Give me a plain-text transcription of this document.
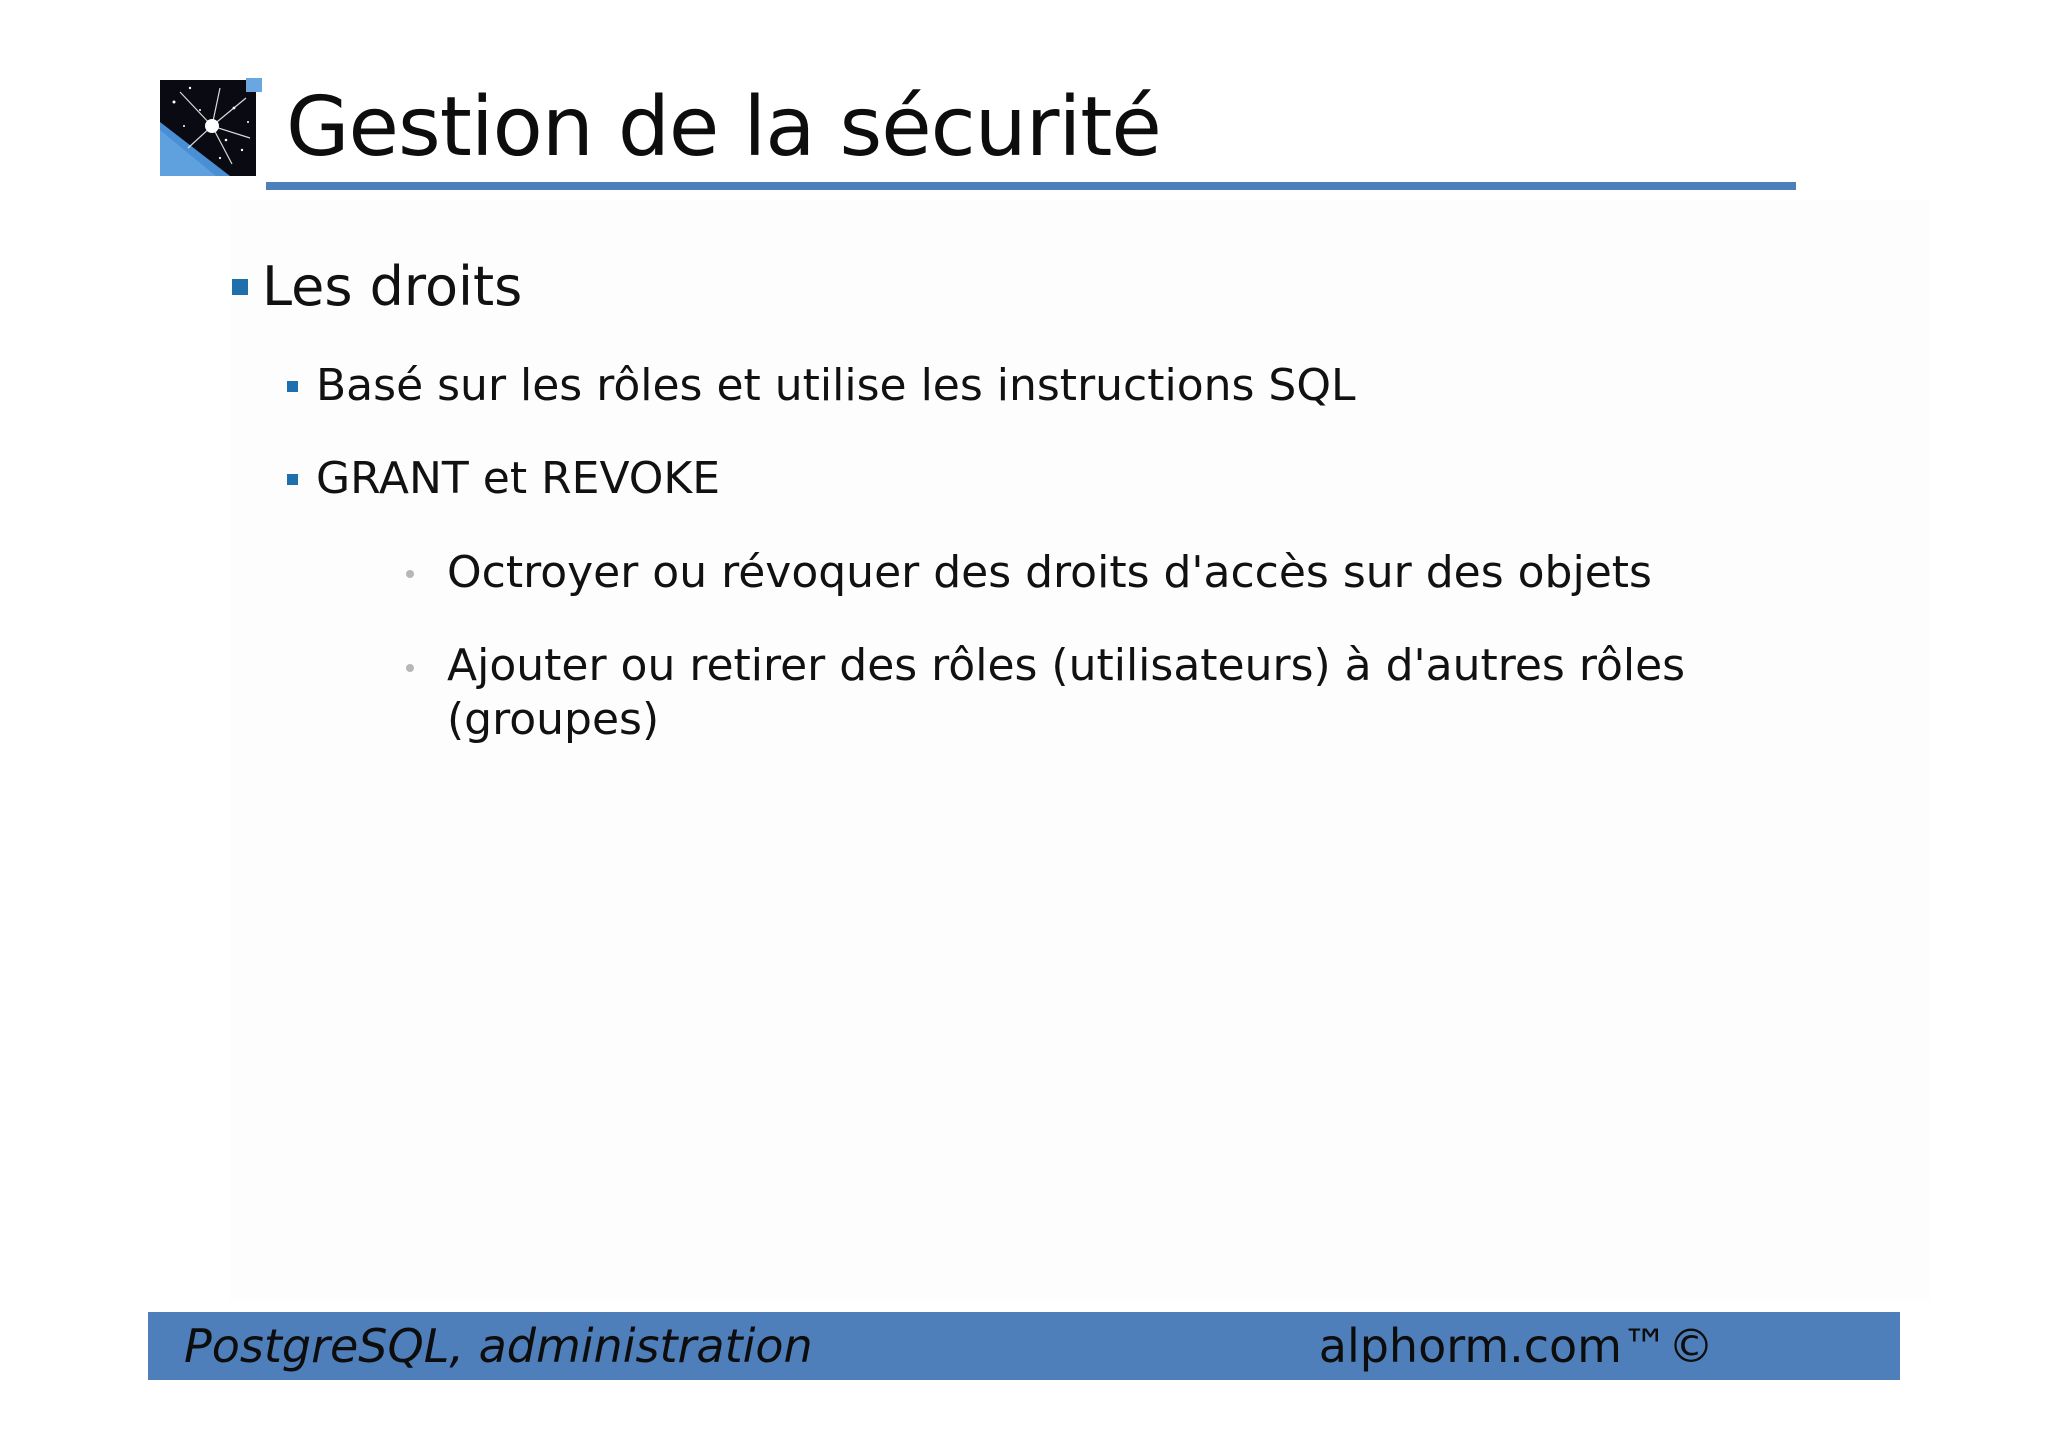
Gestion de la sécurité
Les droits
Basé sur les rôles et utilise les instructions SQL
GRANT et REVOKE
Octroyer ou révoquer des droits d'accès sur des objets
Ajouter ou retirer des rôles (utilisateurs) à d'autres rôles (groupes)
PostgreSQL, administration	alphorm.com™©
